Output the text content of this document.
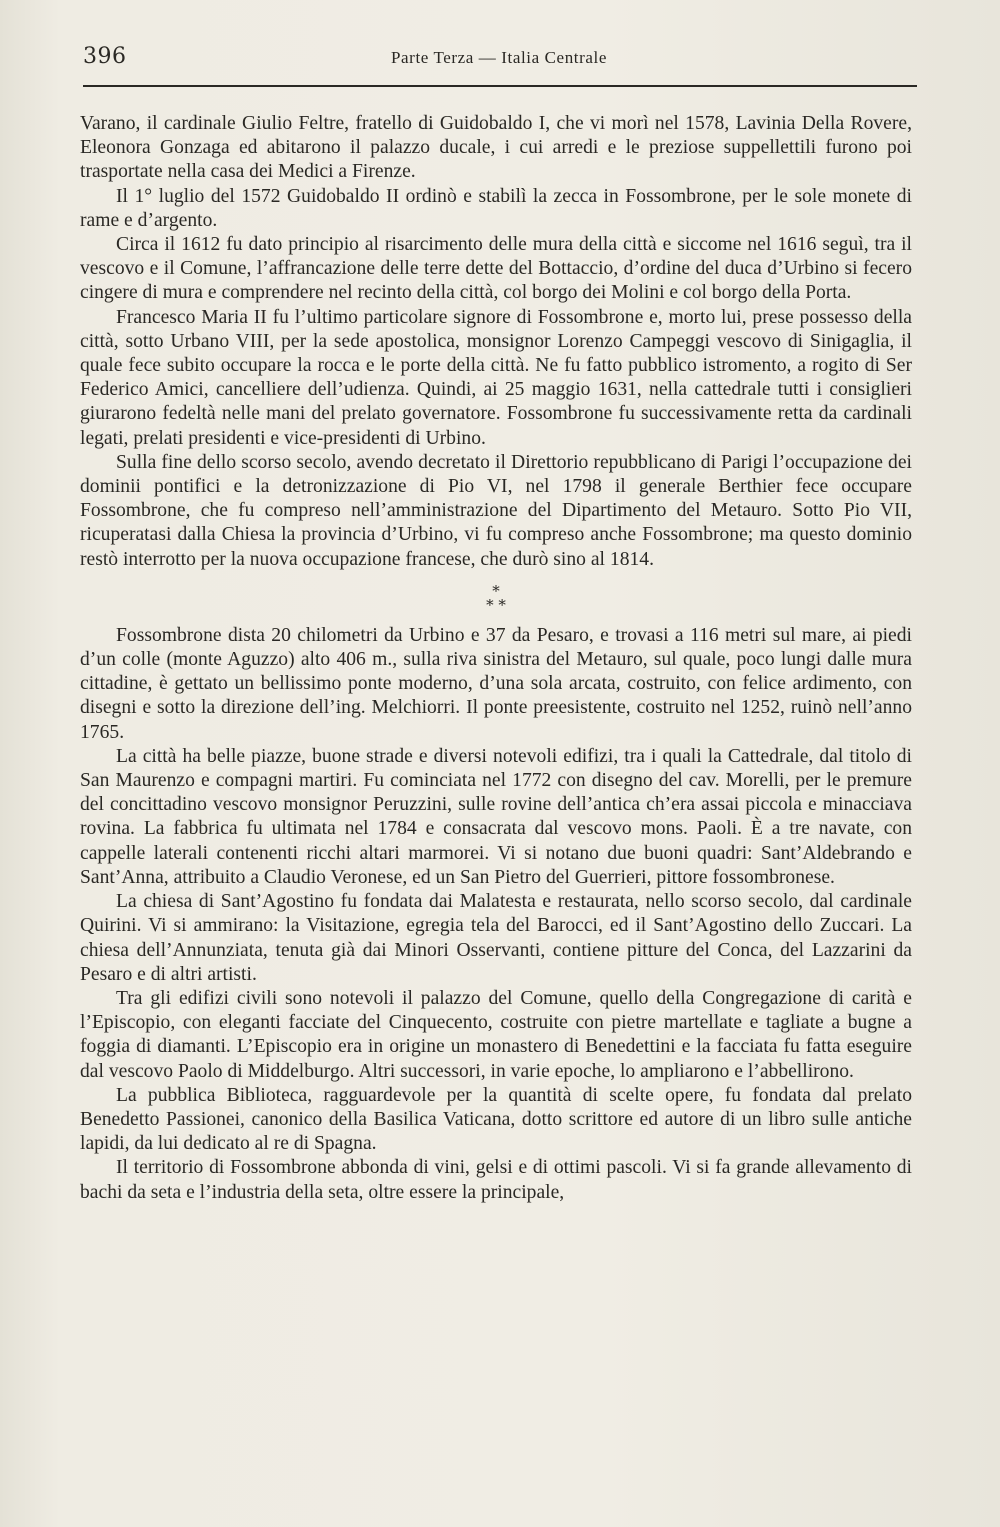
396	Parte Terza — Italia Centrale

Varano, il cardinale Giulio Feltre, fratello di Guidobaldo I, che vi morì nel 1578, Lavinia Della Rovere, Eleonora Gonzaga ed abitarono il palazzo ducale, i cui arredi e le preziose suppellettili furono poi trasportate nella casa dei Medici a Firenze.

Il 1° luglio del 1572 Guidobaldo II ordinò e stabilì la zecca in Fossombrone, per le sole monete di rame e d’argento.

Circa il 1612 fu dato principio al risarcimento delle mura della città e siccome nel 1616 seguì, tra il vescovo e il Comune, l’affrancazione delle terre dette del Bottaccio, d’ordine del duca d’Urbino si fecero cingere di mura e comprendere nel recinto della città, col borgo dei Molini e col borgo della Porta.

Francesco Maria II fu l’ultimo particolare signore di Fossombrone e, morto lui, prese possesso della città, sotto Urbano VIII, per la sede apostolica, monsignor Lorenzo Campeggi vescovo di Sinigaglia, il quale fece subito occupare la rocca e le porte della città. Ne fu fatto pubblico istromento, a rogito di Ser Federico Amici, cancelliere dell’udienza. Quindi, ai 25 maggio 1631, nella cattedrale tutti i consiglieri giurarono fedeltà nelle mani del prelato governatore. Fossombrone fu successivamente retta da cardinali legati, prelati presidenti e vice-presidenti di Urbino.

Sulla fine dello scorso secolo, avendo decretato il Direttorio repubblicano di Parigi l’occupazione dei dominii pontifici e la detronizzazione di Pio VI, nel 1798 il generale Berthier fece occupare Fossombrone, che fu compreso nell’amministrazione del Dipartimento del Metauro. Sotto Pio VII, ricuperatasi dalla Chiesa la provincia d’Urbino, vi fu compreso anche Fossombrone; ma questo dominio restò interrotto per la nuova occupazione francese, che durò sino al 1814.

*
* *

Fossombrone dista 20 chilometri da Urbino e 37 da Pesaro, e trovasi a 116 metri sul mare, ai piedi d’un colle (monte Aguzzo) alto 406 m., sulla riva sinistra del Metauro, sul quale, poco lungi dalle mura cittadine, è gettato un bellissimo ponte moderno, d’una sola arcata, costruito, con felice ardimento, con disegni e sotto la direzione dell’ing. Melchiorri. Il ponte preesistente, costruito nel 1252, ruinò nell’anno 1765.

La città ha belle piazze, buone strade e diversi notevoli edifizi, tra i quali la Cattedrale, dal titolo di San Maurenzo e compagni martiri. Fu cominciata nel 1772 con disegno del cav. Morelli, per le premure del concittadino vescovo monsignor Peruzzini, sulle rovine dell’antica ch’era assai piccola e minacciava rovina. La fabbrica fu ultimata nel 1784 e consacrata dal vescovo mons. Paoli. È a tre navate, con cappelle laterali contenenti ricchi altari marmorei. Vi si notano due buoni quadri: Sant’Aldebrando e Sant’Anna, attribuito a Claudio Veronese, ed un San Pietro del Guerrieri, pittore fossombronese.

La chiesa di Sant’Agostino fu fondata dai Malatesta e restaurata, nello scorso secolo, dal cardinale Quirini. Vi si ammirano: la Visitazione, egregia tela del Barocci, ed il Sant’Agostino dello Zuccari. La chiesa dell’Annunziata, tenuta già dai Minori Osservanti, contiene pitture del Conca, del Lazzarini da Pesaro e di altri artisti.

Tra gli edifizi civili sono notevoli il palazzo del Comune, quello della Congregazione di carità e l’Episcopio, con eleganti facciate del Cinquecento, costruite con pietre martellate e tagliate a bugne a foggia di diamanti. L’Episcopio era in origine un monastero di Benedettini e la facciata fu fatta eseguire dal vescovo Paolo di Middelburgo. Altri successori, in varie epoche, lo ampliarono e l’abbellirono.

La pubblica Biblioteca, ragguardevole per la quantità di scelte opere, fu fondata dal prelato Benedetto Passionei, canonico della Basilica Vaticana, dotto scrittore ed autore di un libro sulle antiche lapidi, da lui dedicato al re di Spagna.

Il territorio di Fossombrone abbonda di vini, gelsi e di ottimi pascoli. Vi si fa grande allevamento di bachi da seta e l’industria della seta, oltre essere la principale,
